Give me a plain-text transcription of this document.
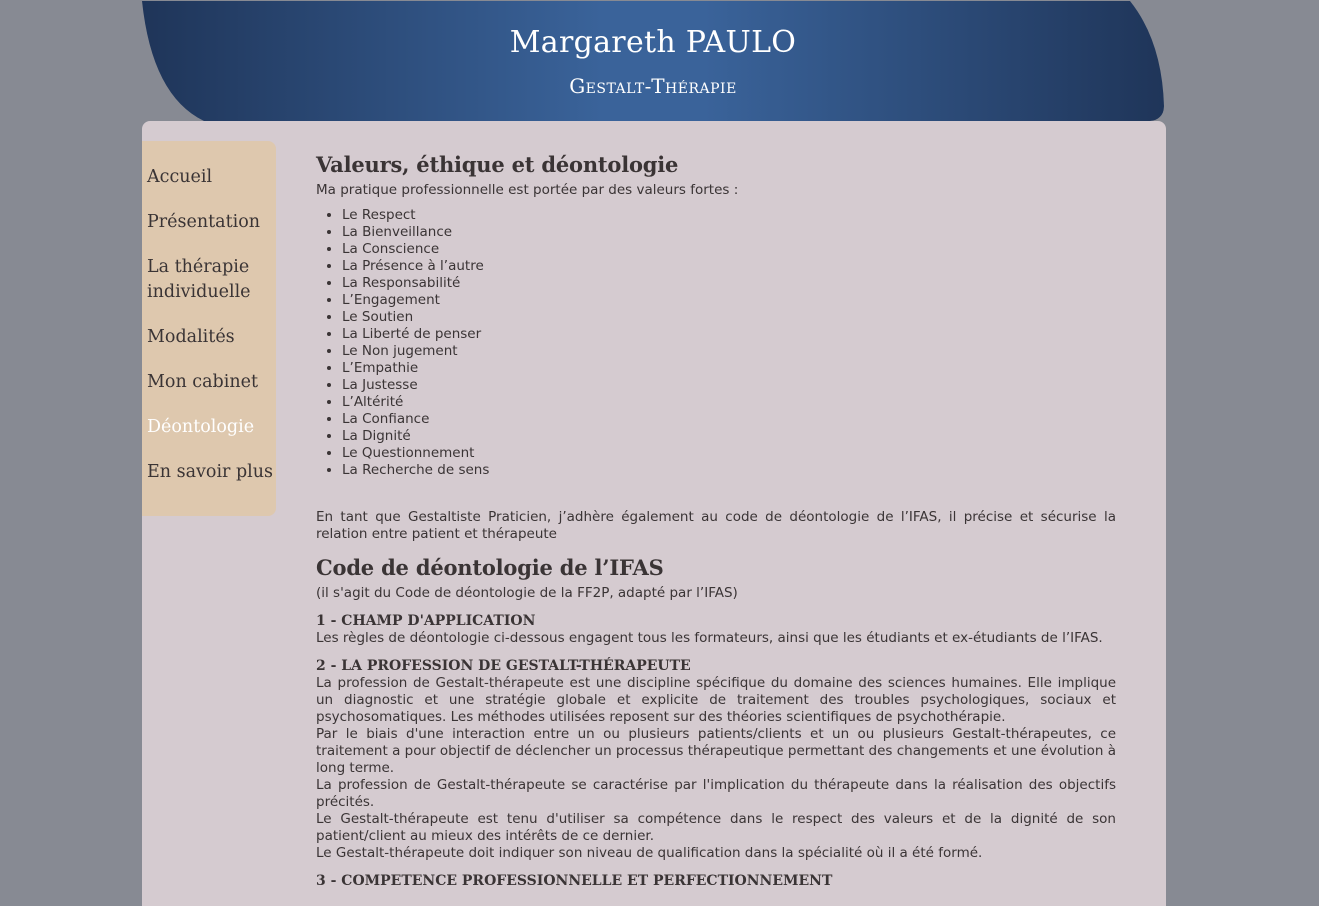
Margareth PAULO
Gestalt-Thérapie
Accueil
Présentation
La thérapie
individuelle
Modalités
Mon cabinet
Déontologie
En savoir plus
Valeurs, éthique et déontologie

Ma pratique professionnelle est portée par des valeurs fortes :

• Le Respect
• La Bienveillance
• La Conscience
• La Présence à l’autre
• La Responsabilité
• L’Engagement
• Le Soutien
• La Liberté de penser
• Le Non jugement
• L’Empathie
• La Justesse
• L’Altérité
• La Confiance
• La Dignité
• Le Questionnement
• La Recherche de sens

En tant que Gestaltiste Praticien, j’adhère également au code de déontologie de l’IFAS, il précise et sécurise la relation entre patient et thérapeute

Code de déontologie de l’IFAS

(il s'agit du Code de déontologie de la FF2P, adapté par l’IFAS)

1 - CHAMP D'APPLICATION

Les règles de déontologie ci-dessous engagent tous les formateurs, ainsi que les étudiants et ex-étudiants de l’IFAS.

2 - LA PROFESSION DE GESTALT-THÉRAPEUTE

La profession de Gestalt-thérapeute est une discipline spécifique du domaine des sciences humaines. Elle implique un diagnostic et une stratégie globale et explicite de traitement des troubles psychologiques, sociaux et psychosomatiques. Les méthodes utilisées reposent sur des théories scientifiques de psychothérapie.

Par le biais d'une interaction entre un ou plusieurs patients/clients et un ou plusieurs Gestalt-thérapeutes, ce traitement a pour objectif de déclencher un processus thérapeutique permettant des changements et une évolution à long terme.

La profession de Gestalt-thérapeute se caractérise par l'implication du thérapeute dans la réalisation des objectifs précités.

Le Gestalt-thérapeute est tenu d'utiliser sa compétence dans le respect des valeurs et de la dignité de son patient/client au mieux des intérêts de ce dernier.

Le Gestalt-thérapeute doit indiquer son niveau de qualification dans la spécialité où il a été formé.

3 - COMPETENCE PROFESSIONNELLE ET PERFECTIONNEMENT
